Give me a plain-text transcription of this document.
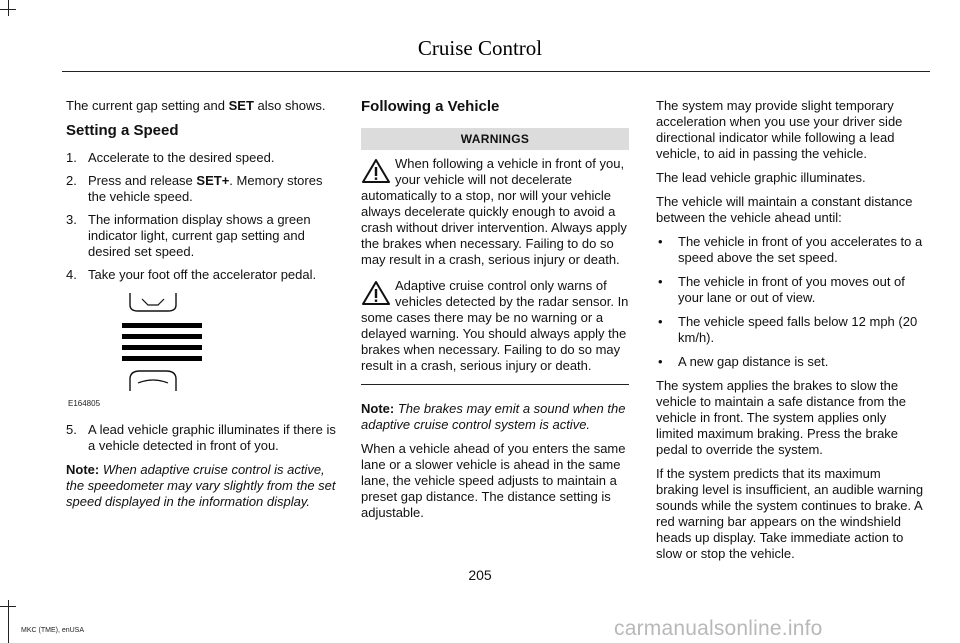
Cruise Control

The current gap setting and SET also shows.

Setting a Speed
1. Accelerate to the desired speed.
2. Press and release SET+. Memory stores the vehicle speed.
3. The information display shows a green indicator light, current gap setting and desired set speed.
4. Take your foot off the accelerator pedal.
E164805
5. A lead vehicle graphic illuminates if there is a vehicle detected in front of you.

Note: When adaptive cruise control is active, the speedometer may vary slightly from the set speed displayed in the information display.

Following a Vehicle
WARNINGS
When following a vehicle in front of you, your vehicle will not decelerate automatically to a stop, nor will your vehicle always decelerate quickly enough to avoid a crash without driver intervention. Always apply the brakes when necessary. Failing to do so may result in a crash, serious injury or death.
Adaptive cruise control only warns of vehicles detected by the radar sensor. In some cases there may be no warning or a delayed warning. You should always apply the brakes when necessary. Failing to do so may result in a crash, serious injury or death.

Note: The brakes may emit a sound when the adaptive cruise control system is active.

When a vehicle ahead of you enters the same lane or a slower vehicle is ahead in the same lane, the vehicle speed adjusts to maintain a preset gap distance. The distance setting is adjustable.

The system may provide slight temporary acceleration when you use your driver side directional indicator while following a lead vehicle, to aid in passing the vehicle.

The lead vehicle graphic illuminates.

The vehicle will maintain a constant distance between the vehicle ahead until:

• The vehicle in front of you accelerates to a speed above the set speed.
• The vehicle in front of you moves out of your lane or out of view.
• The vehicle speed falls below 12 mph (20 km/h).
• A new gap distance is set.

The system applies the brakes to slow the vehicle to maintain a safe distance from the vehicle in front. The system applies only limited maximum braking. Press the brake pedal to override the system.

If the system predicts that its maximum braking level is insufficient, an audible warning sounds while the system continues to brake. A red warning bar appears on the windshield heads up display. Take immediate action to slow or stop the vehicle.

205
MKC (TME), enUSA	carmanualsonline.info
